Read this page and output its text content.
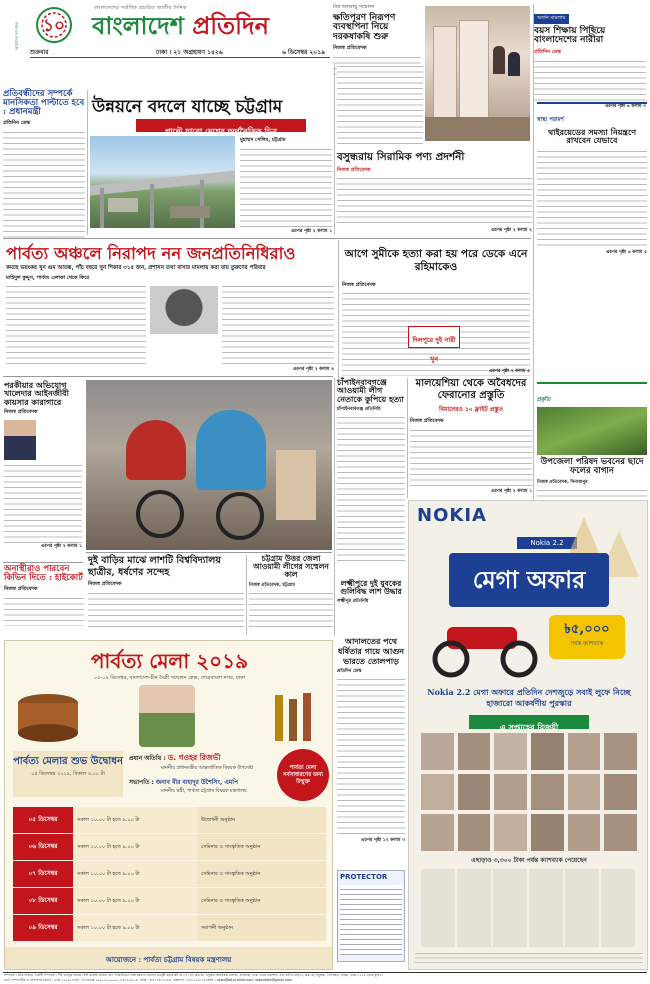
১০
আমাদের দশ বছর
শুক্রবার
বাংলাদেশের সর্বাধিক প্রচারিত জাতীয় দৈনিক
বাংলাদেশ প্রতিদিন
ঢাকা । ২১ অগ্রহায়ণ ১৪২৬	৬ ডিসেম্বর ২০১৯
বিশ্ব জলবায়ু সম্মেলন
ক্ষতিপূরণ নিরূপণ ব্যবস্থাপনা নিয়ে দরকষাকষি শুরু
নিজস্ব প্রতিবেদক
অর্জন মামলায়
বয়স শিক্ষায় পিছিয়ে বাংলাদেশের নারীরা
প্রতিদিন ডেস্ক
এরপর পৃষ্ঠা ৬ কলাম ৩
প্রতিবন্ধীদের সম্পর্কে মানসিকতা পাল্টাতে হবে : প্রধানমন্ত্রী
প্রতিদিন ডেস্ক
উন্নয়নে বদলে যাচ্ছে চট্টগ্রাম
পাল্টে যাবো দেশের অর্থনৈতিক চিত্র
মুহাম্মদ সেলিম, চট্টগ্রাম
এরপর পৃষ্ঠা ২ কলাম ১
বসুন্ধরায় সিরামিক পণ্য প্রদর্শনী
নিজস্ব প্রতিবেদক
এরপর পৃষ্ঠা ২ কলাম ২
স্বাস্থ্য পরামর্শ
থাইরয়েডের সমস্যা নিয়ন্ত্রণে রাখবেন যেভাবে
এরপর পৃষ্ঠা ৬ কলাম ৫
পার্বত্য অঞ্চলে নিরাপদ নন জনপ্রতিনিধিরাও
কমছে ভয়ংকর খুন গুম আতঙ্ক, পাঁচ বছরে খুন শিকার ৩১৫ জন, প্রশাসন তথা বাসার মামলায় করা যায় তুরুণের পরিবার
মাহিদুল কুদ্দুস, পার্বত্য এলাকা থেকে ফিরে
এরপর পৃষ্ঠা ২ কলাম ৪
আগে সুমীকে হত্যা করা হয় পরে ডেকে এনে রহিমাকেও
নিজস্ব প্রতিবেদক
দিলপুরে দুই নারী খুন
এরপর পৃষ্ঠা ২ কলাম ৫
পরকীয়ার অভিযোগ খালেদার আইনজীবী কায়সার কারাগারে
নিজস্ব প্রতিবেদক
এরপর পৃষ্ঠা ২ কলাম ১
অনাস্থীরাও পারবেন কিভিন দিতে : হাইকোর্ট
নিজস্ব প্রতিবেদক
চাঁপাইনবাবগঞ্জে আওয়ামী লীগ নেতাকে কুপিয়ে হত্যা
চাঁপাইনবাবগঞ্জ প্রতিনিধি
মালয়েশিয়া থেকে অবৈধদের ফেরানোর প্রস্তুতি
বিমানেরও ১০ ফ্লাইট প্রস্তুত
নিজস্ব প্রতিবেদক
এরপর পৃষ্ঠা ২ কলাম ১
দুই বাড়ির মাঝে লাশটি বিশ্ববিদ্যালয় ছাত্রীর, ধর্ষণের সন্দেহ
নিজস্ব প্রতিবেদক
চট্টগ্রাম উত্তর জেলা আওয়ামী লীগের সম্মেলন কাল
নিজস্ব প্রতিবেদক, চট্টগ্রাম	লক্ষ্মীপুরে দুই যুবকের গুলিবিদ্ধ লাশ উদ্ধার
লক্ষ্মীপুর প্রতিনিধি
প্রকৃতি
উপজেলা পরিষদ ভবনের ছাদে ফলের বাগান
নিজস্ব প্রতিবেদক, দিনাজপুর
NOKIA
Nokia 2.2
মেগা অফার
৳৫,০০০
পর্যন্ত ক্যাশব্যাক
Nokia 2.2 মেগা অফারে প্রতিদিন দেশজুড়ে সবাই লুফে নিচ্ছে হাজারো আকর্ষণীয় পুরস্কার
এ সপ্তাহের বিজয়ী
এছাড়াও ৩,৩০০ টাকা পর্যন্ত ক্যাশব্যাক পেয়েছেন
আদালতের পথে ধর্ষিতার গায়ে আগুন ভারতে তোলপাড়
প্রতিদিন ডেস্ক
এরপর পৃষ্ঠা ১২ কলাম ৩
PROTECTOR
পার্বত্য মেলা ২০১৯
০৫-০৯ ডিসেম্বর, বাংলাদেশ-চীন মৈত্রী সম্মেলন কেন্দ্র, শেরেবাংলা নগর, ঢাকা
পার্বত্য মেলার শুভ উদ্বোধন
০৫ ডিসেম্বর ২০১৯, বিকাল ৩.০০ টা
প্রধান অতিথি : ড. গওহর রিজভী
মাননীয় প্রধানমন্ত্রীর আন্তর্জাতিক বিষয়ক উপদেষ্টা
সভাপতি : জনাব বীর বাহাদুর উশৈসিং, এমপি
মাননীয় মন্ত্রী, পার্বত্য চট্টগ্রাম বিষয়ক মন্ত্রণালয়
পার্বত্য মেলা সর্বসাধারণের জন্য উন্মুক্ত
০৫ ডিসেম্বর	সকাল ১০.০০ টা হতে ৯.০০ টা	উদ্বোধনী অনুষ্ঠান
০৬ ডিসেম্বর	সকাল ১০.০০ টা হতে ৯.০০ টা	সেমিনার ও সাংস্কৃতিক অনুষ্ঠান
০৭ ডিসেম্বর	সকাল ১০.০০ টা হতে ৯.০০ টা	সেমিনার ও সাংস্কৃতিক অনুষ্ঠান
০৮ ডিসেম্বর	সকাল ১০.০০ টা হতে ৯.০০ টা	সেমিনার ও সাংস্কৃতিক অনুষ্ঠান
০৯ ডিসেম্বর	সকাল ১০.০০ টা হতে ৯.০০ টা	সমাপনী অনুষ্ঠান
আয়োজনে : পার্বত্য চট্টগ্রাম বিষয়ক মন্ত্রণালয়
সম্পাদক : নঈম নিজাম, নির্বাহী সম্পাদক : পীর হাবিবুর রহমান। ইস্ট ওয়েস্ট মিডিয়া গ্রুপ লিমিটেডের পক্ষে ময়নাল হোসেন চৌধুরী কর্তৃক প্লট নং-৩৭১/এ, ব্লক-ডি, বসুন্ধরা আবাসিক এলাকা, বারিধারা, ঢাকা থেকে প্রকাশিত এবং প্লট নং-সি/৫২, ব্লক-কে, বসুন্ধরা, খিলক্ষেত, বাড্ডা, ঢাকা-১২২৯ থেকে মুদ্রিত।
বার্তা, সম্পাদকীয় ও বাণিজ্যিক বিভাগ : ঢাকা-১২২৯। ফোন : পিএবিএক্স ০৯৬১২১২০০০০, ৮৪৩২৩৬১-৪, ফ্যাক্স : বার্তা ৮৪৩২৩৬৪, বিজ্ঞাপন : ৮৪৩২৩৬৩। ই-মেইল : news@bd-pratidin.com, bdpratidin@gmail.com
